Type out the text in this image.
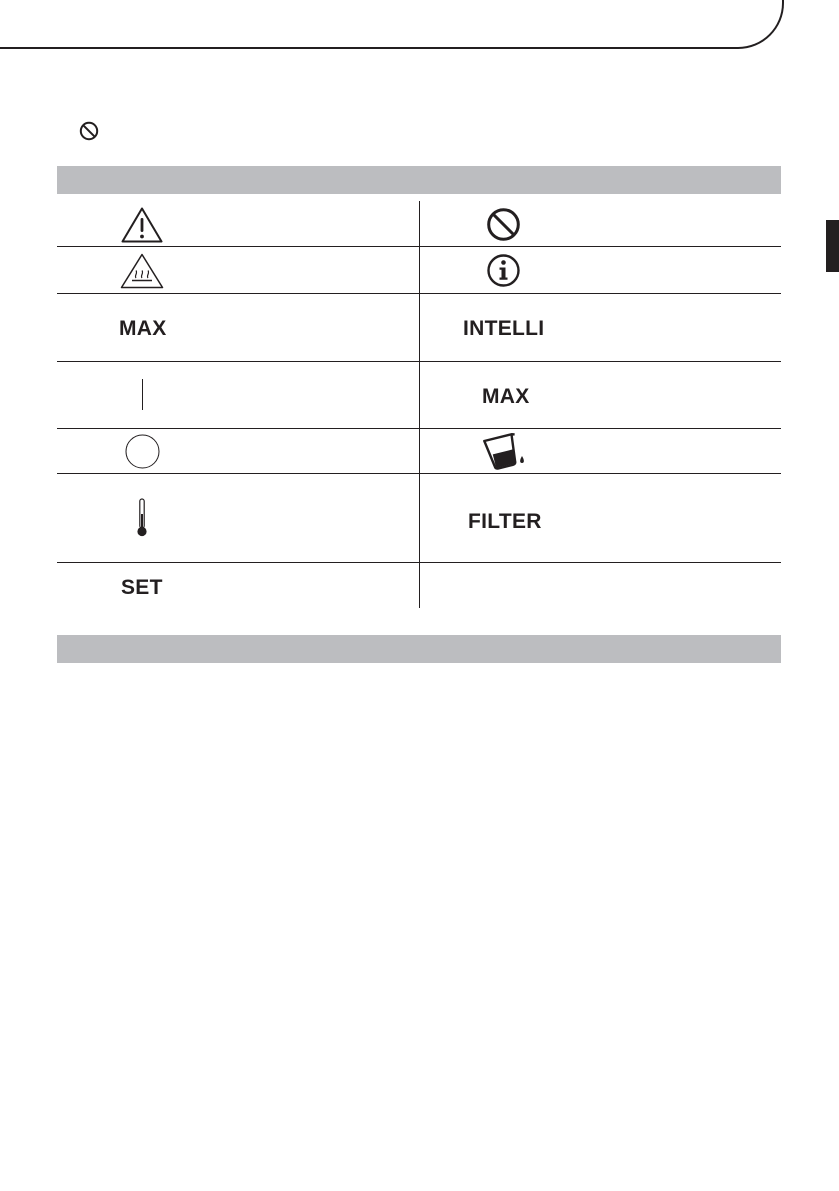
MAX	INTELLI
MAX
FILTER
SET
